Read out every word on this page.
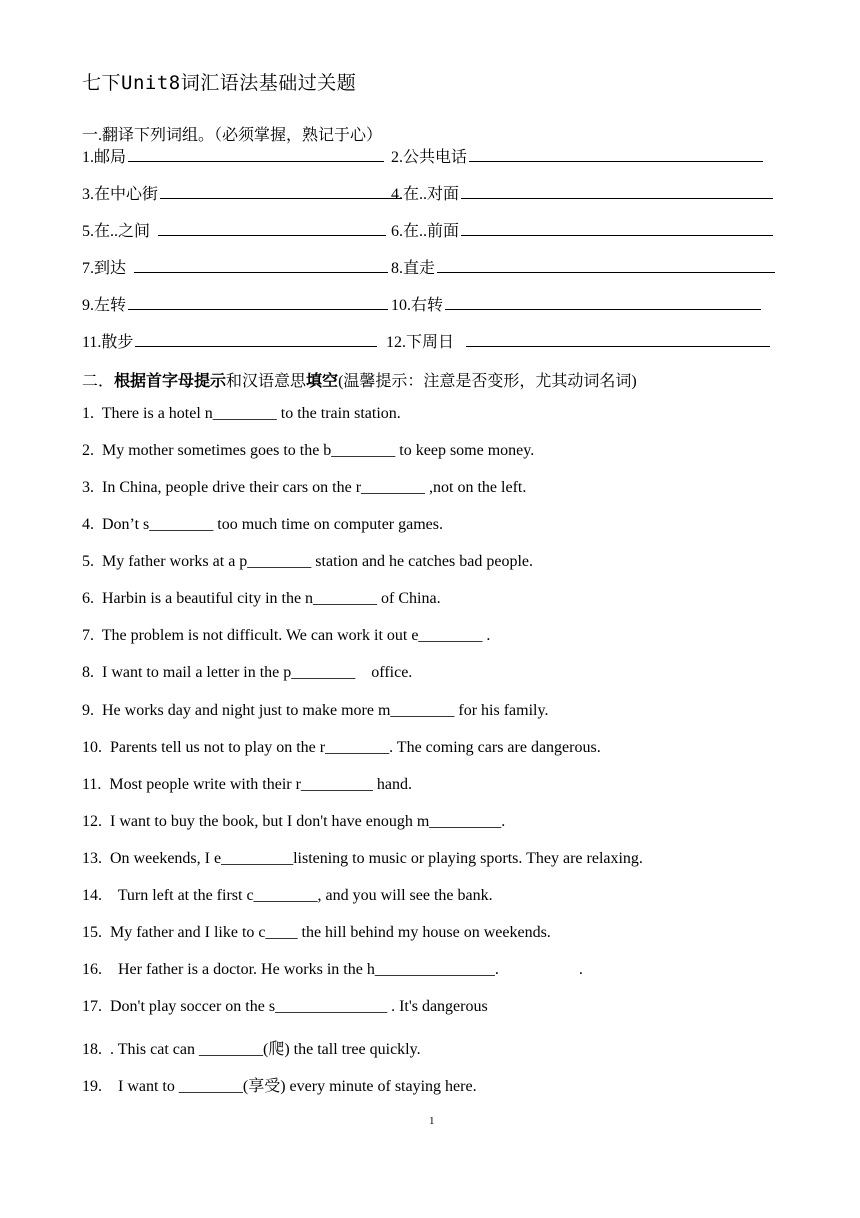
七下Unit8词汇语法基础过关题
一.翻译下列词组。（必须掌握，熟记于心）
1.邮局	2.公共电话
3.在中心街	4.在..对面
5.在..之间	6.在..前面
7.到达	8.直走
9.左转	10.右转
11.散步	12.下周日
二．根据首字母提示和汉语意思填空(温馨提示：注意是否变形，尤其动词名词)
1.  There is a hotel n________ to the train station.
2.  My mother sometimes goes to the b________ to keep some money.
3.  In China, people drive their cars on the r________ ,not on the left.
4.  Don’t s________ too much time on computer games.
5.  My father works at a p________ station and he catches bad people.
6.  Harbin is a beautiful city in the n________ of China.
7.  The problem is not difficult. We can work it out e________ .
8.  I want to mail a letter in the p________    office.
9.  He works day and night just to make more m________ for his family.
10.  Parents tell us not to play on the r________. The coming cars are dangerous.
11.  Most people write with their r_________ hand.
12.  I want to buy the book, but I don't have enough m_________.
13.  On weekends, I e_________listening to music or playing sports. They are relaxing.
14.    Turn left at the first c________, and you will see the bank.
15.  My father and I like to c____ the hill behind my house on weekends.
16.    Her father is a doctor. He works in the h_______________.                    .
17.  Don't play soccer on the s______________ . It's dangerous
18.  . This cat can ________(爬) the tall tree quickly.
19.    I want to ________(享受) every minute of staying here.
1
